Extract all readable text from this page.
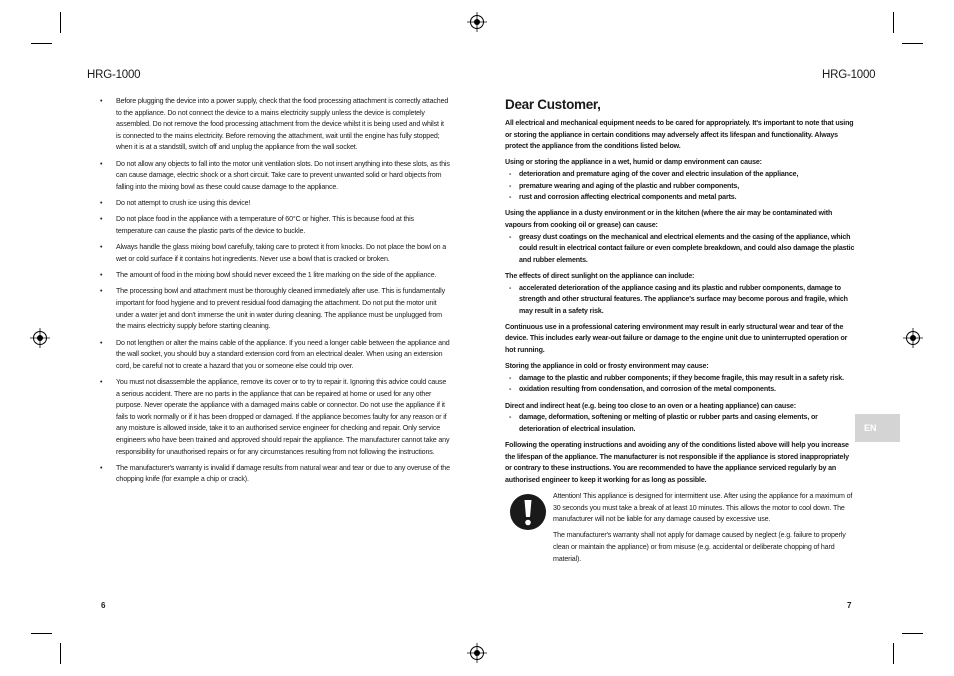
HRG-1000	HRG-1000
• Before plugging the device into a power supply, check that the food processing attachment is correctly attached to the appliance. Do not connect the device to a mains electricity supply unless the device is completely assembled. Do not remove the food processing attachment from the device whilst it is being used and whilst it is connected to the mains electricity. Before removing the attachment, wait until the engine has fully stopped; when it is at a standstill, switch off and unplug the appliance from the wall socket.
• Do not allow any objects to fall into the motor unit ventilation slots. Do not insert anything into these slots, as this can cause damage, electric shock or a short circuit. Take care to prevent unwanted solid or hard objects from falling into the mixing bowl as these could cause damage to the appliance.
• Do not attempt to crush ice using this device!
• Do not place food in the appliance with a temperature of 60°C or higher. This is because food at this temperature can cause the plastic parts of the device to buckle.
• Always handle the glass mixing bowl carefully, taking care to protect it from knocks. Do not place the bowl on a wet or cold surface if it contains hot ingredients. Never use a bowl that is cracked or broken.
• The amount of food in the mixing bowl should never exceed the 1 litre marking on the side of the appliance.
• The processing bowl and attachment must be thoroughly cleaned immediately after use. This is fundamentally important for food hygiene and to prevent residual food damaging the attachment. Do not put the motor unit under a water jet and don't immerse the unit in water during cleaning. The appliance must be unplugged from the mains electricity supply before starting cleaning.
• Do not lengthen or alter the mains cable of the appliance. If you need a longer cable between the appliance and the wall socket, you should buy a standard extension cord from an electrical dealer. When using an extension cord, be careful not to create a hazard that you or someone else could trip over.
• You must not disassemble the appliance, remove its cover or to try to repair it. Ignoring this advice could cause a serious accident. There are no parts in the appliance that can be repaired at home or used for any other purpose. Never operate the appliance with a damaged mains cable or connector. Do not use the appliance if it fails to work normally or if it has been dropped or damaged. If the appliance becomes faulty for any reason or if any moisture is allowed inside, take it to an authorised service engineer for checking and repair. Only service engineers who have been trained and approved should repair the appliance. The manufacturer cannot take any responsibility for unauthorised repairs or for any circumstances resulting from not following the instructions.
• The manufacturer's warranty is invalid if damage results from natural wear and tear or due to any overuse of the chopping knife (for example a chip or crack).
Dear Customer,

All electrical and mechanical equipment needs to be cared for appropriately. It's important to note that using or storing the appliance in certain conditions may adversely affect its lifespan and functionality. Always protect the appliance from the conditions listed below.

Using or storing the appliance in a wet, humid or damp environment can cause:
- deterioration and premature aging of the cover and electric insulation of the appliance,
- premature wearing and aging of the plastic and rubber components,
- rust and corrosion affecting electrical components and metal parts.
Using the appliance in a dusty environment or in the kitchen (where the air may be contaminated with vapours from cooking oil or grease) can cause:
- greasy dust coatings on the mechanical and electrical elements and the casing of the appliance, which could result in electrical contact failure or even complete breakdown, and could also damage the plastic and rubber elements.
The effects of direct sunlight on the appliance can include:
- accelerated deterioration of the appliance casing and its plastic and rubber components, damage to strength and other structural features. The appliance's surface may become porous and fragile, which may result in a safety risk.
Continuous use in a professional catering environment may result in early structural wear and tear of the device. This includes early wear-out failure or damage to the engine unit due to uninterrupted operation or hot running.
Storing the appliance in cold or frosty environment may cause:
- damage to the plastic and rubber components; if they become fragile, this may result in a safety risk.
- oxidation resulting from condensation, and corrosion of the metal components.
Direct and indirect heat (e.g. being too close to an oven or a heating appliance) can cause:
- damage, deformation, softening or melting of plastic or rubber parts and casing elements, or deterioration of electrical insulation.

Following the operating instructions and avoiding any of the conditions listed above will help you increase the lifespan of the appliance. The manufacturer is not responsible if the appliance is stored inappropriately or contrary to these instructions. You are recommended to have the appliance serviced regularly by an authorised engineer to keep it working for as long as possible.

Attention! This appliance is designed for intermittent use. After using the appliance for a maximum of 30 seconds you must take a break of at least 10 minutes. This allows the motor to cool down. The manufacturer will not be liable for any damage caused by excessive use.

The manufacturer's warranty shall not apply for damage caused by neglect (e.g. failure to properly clean or maintain the appliance) or from misuse (e.g. accidental or deliberate chopping of hard material).

EN
6	7
